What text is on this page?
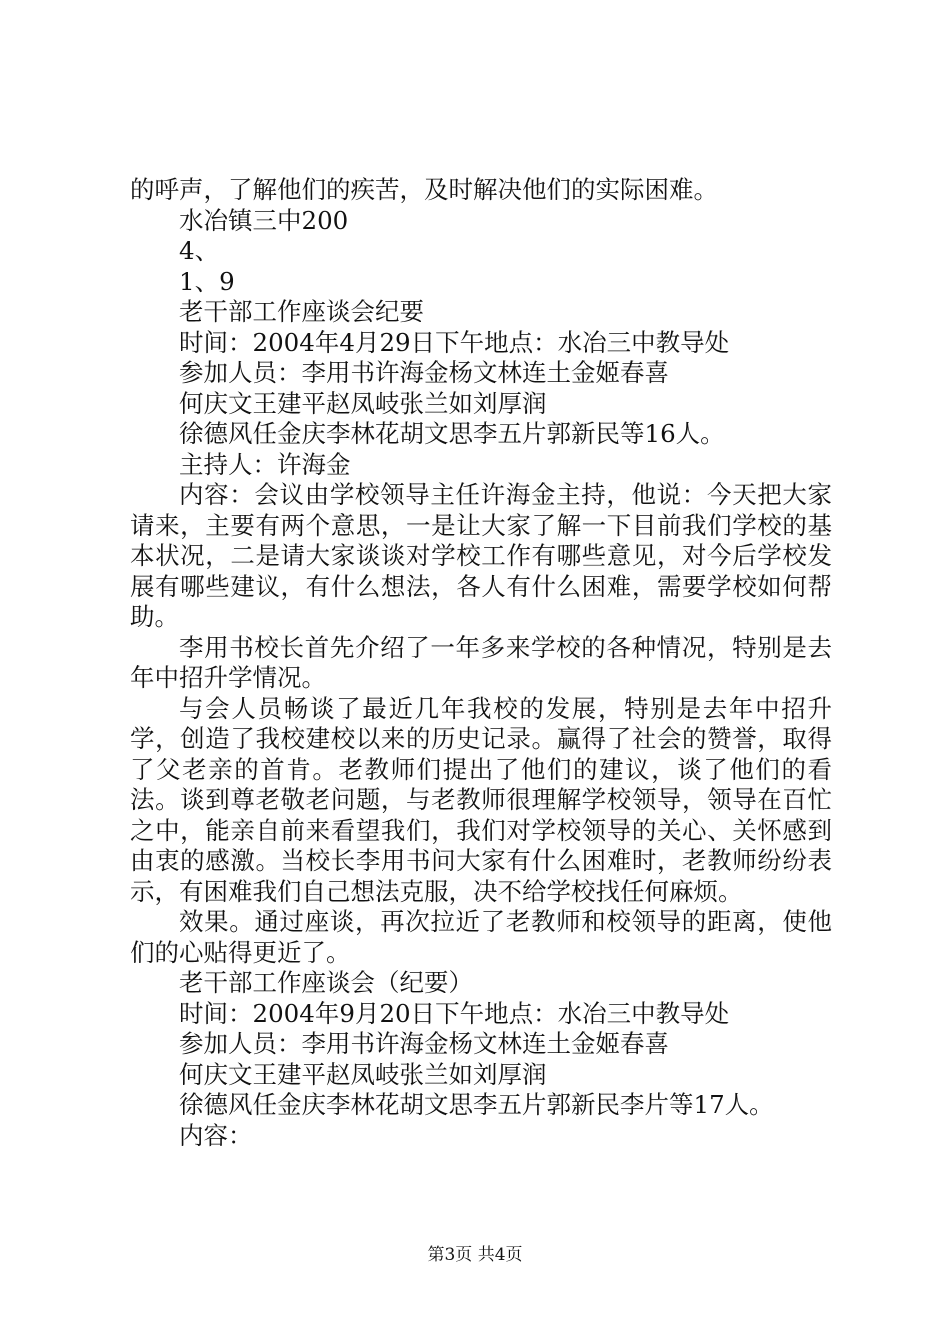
的呼声，了解他们的疾苦，及时解决他们的实际困难。

水冶镇三中200

4、

1、9

老干部工作座谈会纪要

时间：2004年4月29日下午地点：水冶三中教导处

参加人员：李用书许海金杨文林连土金姬春喜

何庆文王建平赵凤岐张兰如刘厚润

徐德风任金庆李林花胡文思李五片郭新民等16人。

主持人：许海金

内容：会议由学校领导主任许海金主持，他说：今天把大家请来，主要有两个意思，一是让大家了解一下目前我们学校的基本状况，二是请大家谈谈对学校工作有哪些意见，对今后学校发展有哪些建议，有什么想法，各人有什么困难，需要学校如何帮助。

李用书校长首先介绍了一年多来学校的各种情况，特别是去年中招升学情况。

与会人员畅谈了最近几年我校的发展，特别是去年中招升学，创造了我校建校以来的历史记录。赢得了社会的赞誉，取得了父老亲的首肯。老教师们提出了他们的建议，谈了他们的看法。谈到尊老敬老问题，与老教师很理解学校领导，领导在百忙之中，能亲自前来看望我们，我们对学校领导的关心、关怀感到由衷的感激。当校长李用书问大家有什么困难时，老教师纷纷表示，有困难我们自己想法克服，决不给学校找任何麻烦。

效果。通过座谈，再次拉近了老教师和校领导的距离，使他们的心贴得更近了。

老干部工作座谈会（纪要）

时间：2004年9月20日下午地点：水冶三中教导处

参加人员：李用书许海金杨文林连土金姬春喜

何庆文王建平赵凤岐张兰如刘厚润

徐德风任金庆李林花胡文思李五片郭新民李片等17人。

内容：

第3页 共4页
